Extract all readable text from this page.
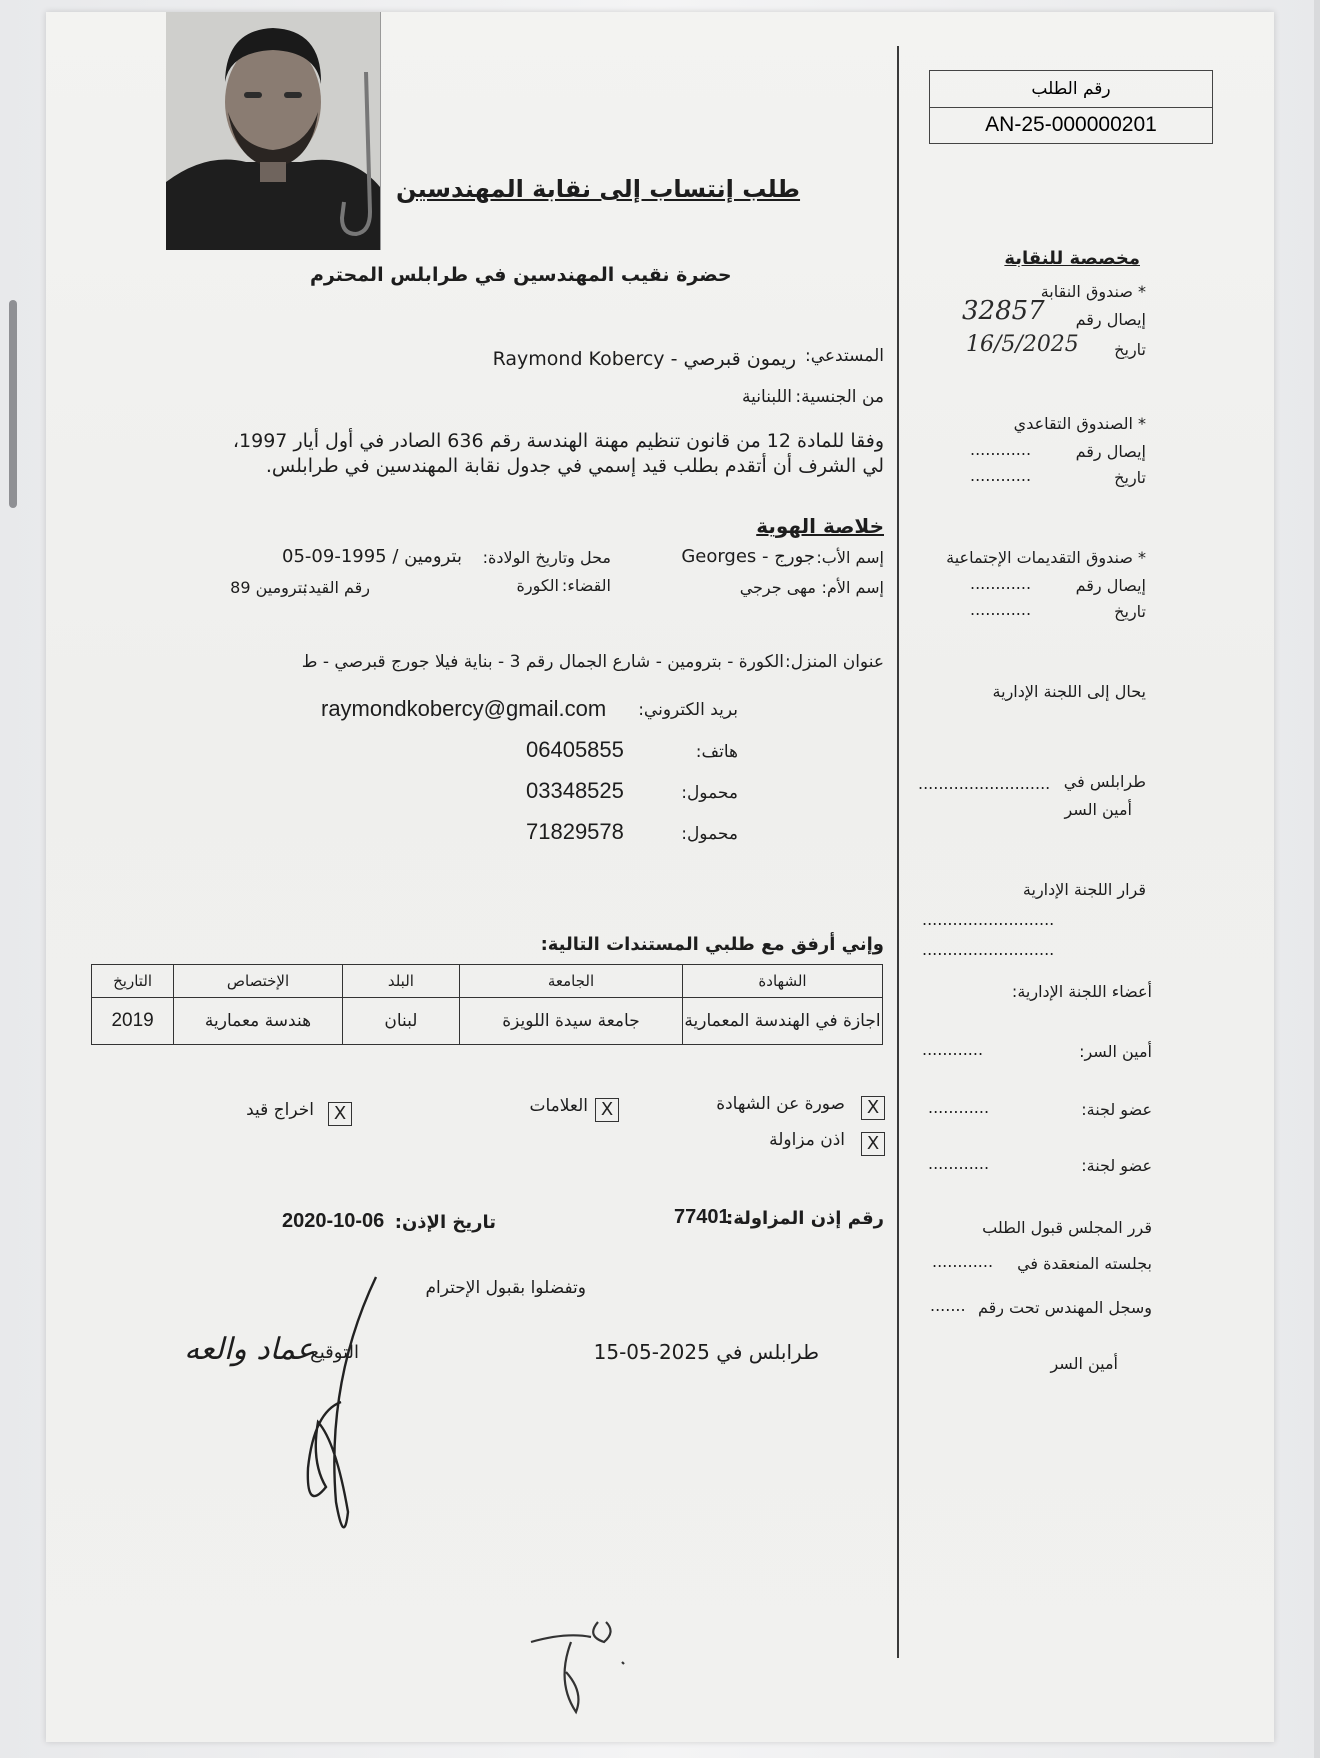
طلب إنتساب إلى نقابة المهندسين
رقم الطلب
AN-25-000000201
حضرة نقيب المهندسين في طرابلس المحترم
المستدعي:
ريمون قبرصي - Raymond Kobercy
من الجنسية:
اللبنانية
وفقا للمادة 12 من قانون تنظيم مهنة الهندسة رقم 636 الصادر في أول أيار 1997،
لي الشرف أن أتقدم بطلب قيد إسمي في جدول نقابة المهندسين في طرابلس.
خلاصة الهوية
إسم الأب:
جورج - Georges
محل وتاريخ الولادة:
بترومين / 1995-09-05
إسم الأم:
مهى جرجي
القضاء:
الكورة
رقم القيد:
بترومين 89
عنوان المنزل:
الكورة - بترومين - شارع الجمال رقم 3 - بناية فيلا جورج قبرصي - ط
بريد الكتروني:
raymondkobercy@gmail.com
هاتف:
06405855
محمول:
03348525
محمول:
71829578
وإني أرفق مع طلبي المستندات التالية:
الشهادة	الجامعة	البلد	الإختصاص	التاريخ
اجازة في الهندسة المعمارية	جامعة سيدة اللويزة	لبنان	هندسة معمارية	2019
X
صورة عن الشهادة
X
العلامات
X
اخراج قيد
X
اذن مزاولة
رقم إذن المزاولة:
77401
تاريخ الإذن:
2020-10-06
وتفضلوا بقبول الإحترام
طرابلس في 2025-05-15
التوقيع
عماد والعه
مخصصة للنقابة
* صندوق النقابة
إيصال رقم
32857
تاريخ
16/5/2025
* الصندوق التقاعدي
إيصال رقم
............
تاريخ
............
* صندوق التقديمات الإجتماعية
إيصال رقم
............
تاريخ
............
يحال إلى اللجنة الإدارية
طرابلس في
..........................
أمين السر
قرار اللجنة الإدارية
..........................
..........................
أعضاء اللجنة الإدارية:
أمين السر:
............
عضو لجنة:
............
عضو لجنة:
............
قرر المجلس قبول الطلب
بجلسته المنعقدة في
............
وسجل المهندس تحت رقم
.......
أمين السر
